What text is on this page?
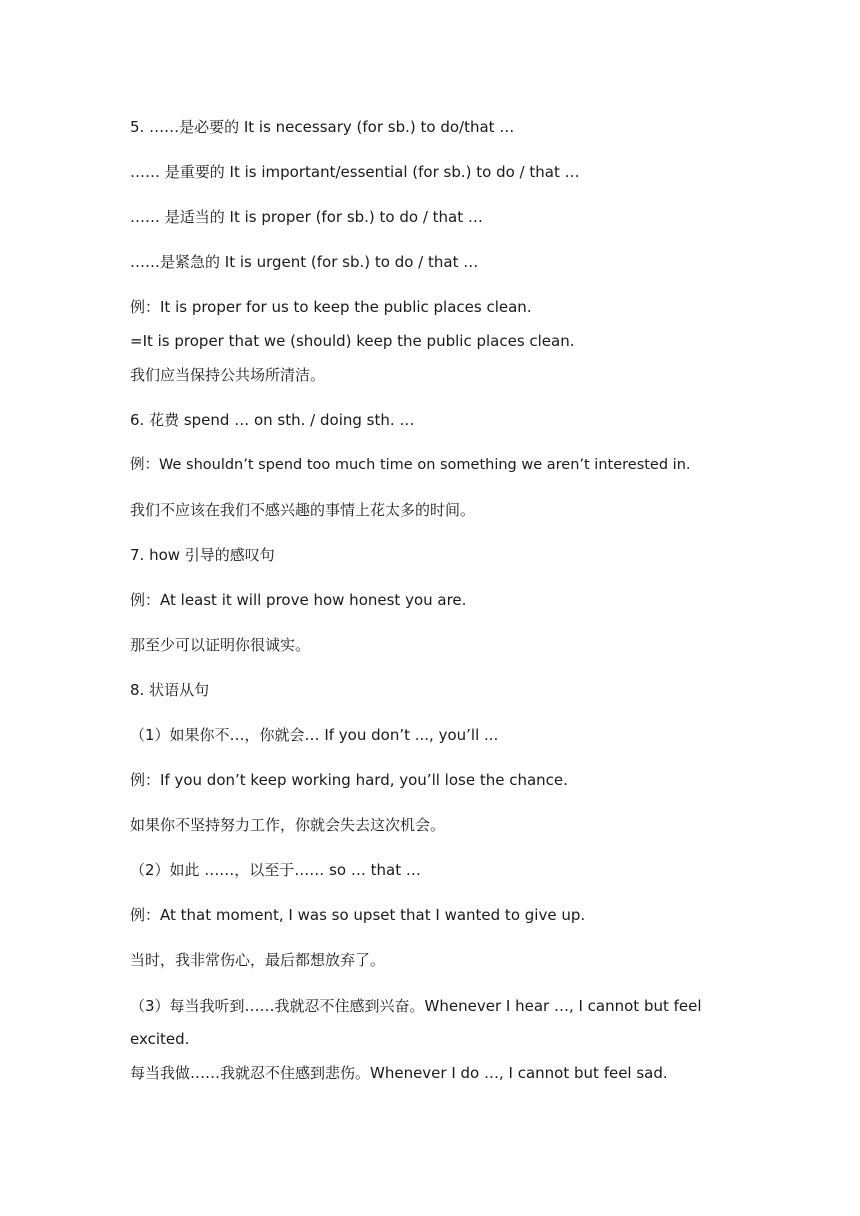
5. ……是必要的 It is necessary (for sb.) to do/that …
…… 是重要的 It is important/essential (for sb.) to do / that …
…… 是适当的 It is proper (for sb.) to do / that …
……是紧急的 It is urgent (for sb.) to do / that …
例：It is proper for us to keep the public places clean.
=It is proper that we (should) keep the public places clean.
我们应当保持公共场所清洁。
6. 花费 spend … on sth. / doing sth. …
例：We shouldn’t spend too much time on something we aren’t interested in.
我们不应该在我们不感兴趣的事情上花太多的时间。
7. how 引导的感叹句
例：At least it will prove how honest you are.
那至少可以证明你很诚实。
8. 状语从句
（1）如果你不…，你就会… If you don’t ..., you’ll ...
例：If you don’t keep working hard, you’ll lose the chance.
如果你不坚持努力工作，你就会失去这次机会。
（2）如此 ……，以至于…… so … that …
例：At that moment, I was so upset that I wanted to give up.
当时，我非常伤心，最后都想放弃了。
（3）每当我听到……我就忍不住感到兴奋。Whenever I hear …, I cannot but feel excited.
每当我做……我就忍不住感到悲伤。Whenever I do …, I cannot but feel sad.
